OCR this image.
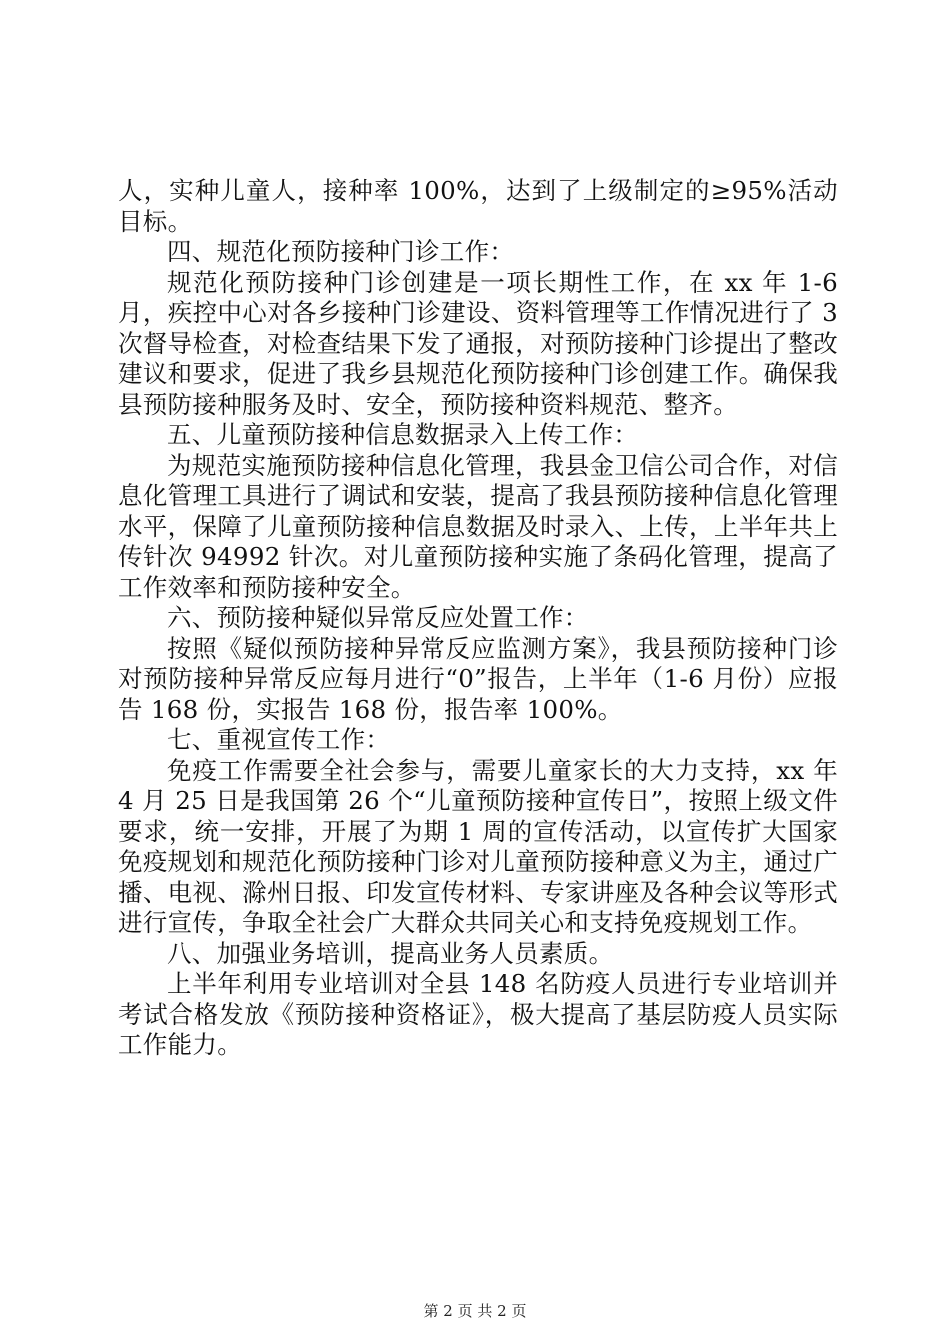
人，实种儿童人，接种率 100%，达到了上级制定的≥95%活动目标。

四、规范化预防接种门诊工作：

规范化预防接种门诊创建是一项长期性工作，在 xx 年 1-6 月，疾控中心对各乡接种门诊建设、资料管理等工作情况进行了 3 次督导检查，对检查结果下发了通报，对预防接种门诊提出了整改建议和要求，促进了我乡县规范化预防接种门诊创建工作。确保我县预防接种服务及时、安全，预防接种资料规范、整齐。

五、儿童预防接种信息数据录入上传工作：

为规范实施预防接种信息化管理，我县金卫信公司合作，对信息化管理工具进行了调试和安装，提高了我县预防接种信息化管理水平，保障了儿童预防接种信息数据及时录入、上传，上半年共上传针次 94992 针次。对儿童预防接种实施了条码化管理，提高了工作效率和预防接种安全。

六、预防接种疑似异常反应处置工作：

按照《疑似预防接种异常反应监测方案》，我县预防接种门诊对预防接种异常反应每月进行“0”报告，上半年（1-6 月份）应报告 168 份，实报告 168 份，报告率 100%。

七、重视宣传工作：

免疫工作需要全社会参与，需要儿童家长的大力支持，xx 年 4 月 25 日是我国第 26 个“儿童预防接种宣传日”，按照上级文件要求，统一安排，开展了为期 1 周的宣传活动，以宣传扩大国家免疫规划和规范化预防接种门诊对儿童预防接种意义为主，通过广播、电视、滁州日报、印发宣传材料、专家讲座及各种会议等形式进行宣传，争取全社会广大群众共同关心和支持免疫规划工作。

八、加强业务培训，提高业务人员素质。

上半年利用专业培训对全县 148 名防疫人员进行专业培训并考试合格发放《预防接种资格证》，极大提高了基层防疫人员实际工作能力。

第 2 页 共 2 页
